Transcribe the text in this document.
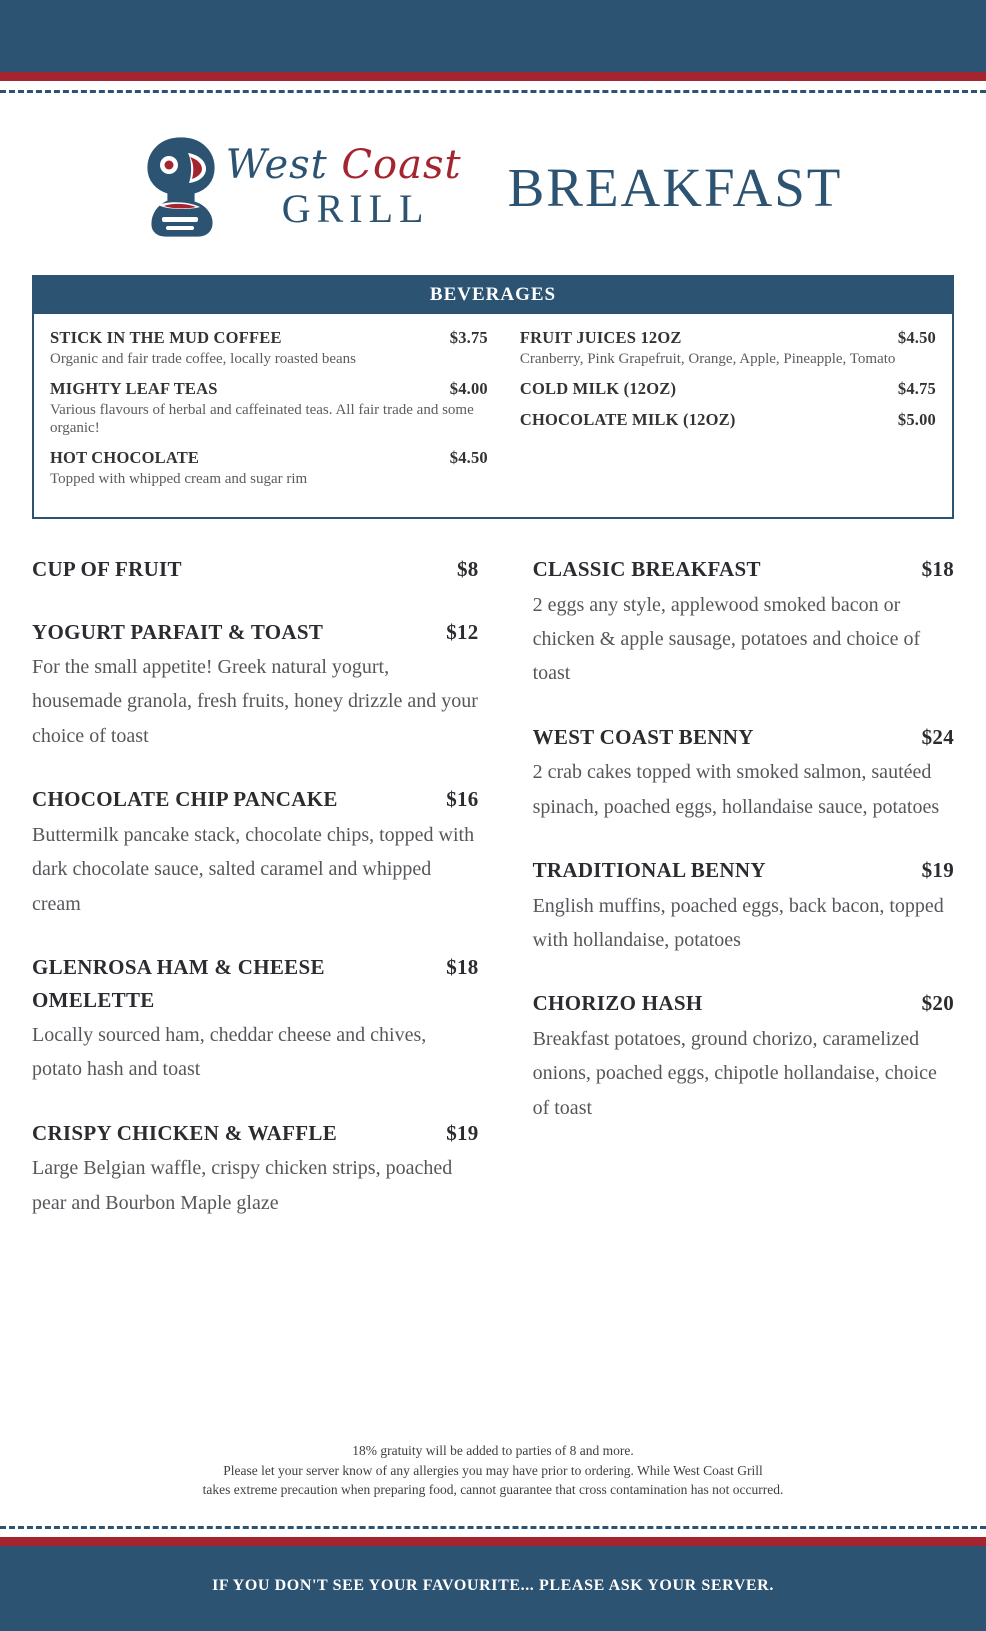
West Coast
GRILL	BREAKFAST
BEVERAGES
STICK IN THE MUD COFFEE	$3.75
Organic and fair trade coffee, locally roasted beans
MIGHTY LEAF TEAS	$4.00
Various flavours of herbal and caffeinated teas. All fair trade and some organic!
HOT CHOCOLATE	$4.50
Topped with whipped cream and sugar rim
FRUIT JUICES 12OZ	$4.50
Cranberry, Pink Grapefruit, Orange, Apple, Pineapple, Tomato
COLD MILK (12OZ)	$4.75
CHOCOLATE MILK (12OZ)	$5.00
CUP OF FRUIT	$8
YOGURT PARFAIT & TOAST	$12
For the small appetite! Greek natural yogurt, housemade granola, fresh fruits, honey drizzle and your choice of toast
CHOCOLATE CHIP PANCAKE	$16
Buttermilk pancake stack, chocolate chips, topped with dark chocolate sauce, salted caramel and whipped cream
GLENROSA HAM & CHEESE OMELETTE
$18
Locally sourced ham, cheddar cheese and chives, potato hash and toast
CRISPY CHICKEN & WAFFLE	$19
Large Belgian waffle, crispy chicken strips, poached pear and Bourbon Maple glaze
CLASSIC BREAKFAST	$18
2 eggs any style, applewood smoked bacon or chicken & apple sausage, potatoes and choice of toast
WEST COAST BENNY	$24
2 crab cakes topped with smoked salmon, sautéed spinach, poached eggs, hollandaise sauce, potatoes
TRADITIONAL BENNY	$19
English muffins, poached eggs, back bacon, topped with hollandaise, potatoes
CHORIZO HASH	$20
Breakfast potatoes, ground chorizo, caramelized onions, poached eggs, chipotle hollandaise, choice of toast
18% gratuity will be added to parties of 8 and more.
Please let your server know of any allergies you may have prior to ordering. While West Coast Grill
takes extreme precaution when preparing food, cannot guarantee that cross contamination has not occurred.
IF YOU DON'T SEE YOUR FAVOURITE... PLEASE ASK YOUR SERVER.
